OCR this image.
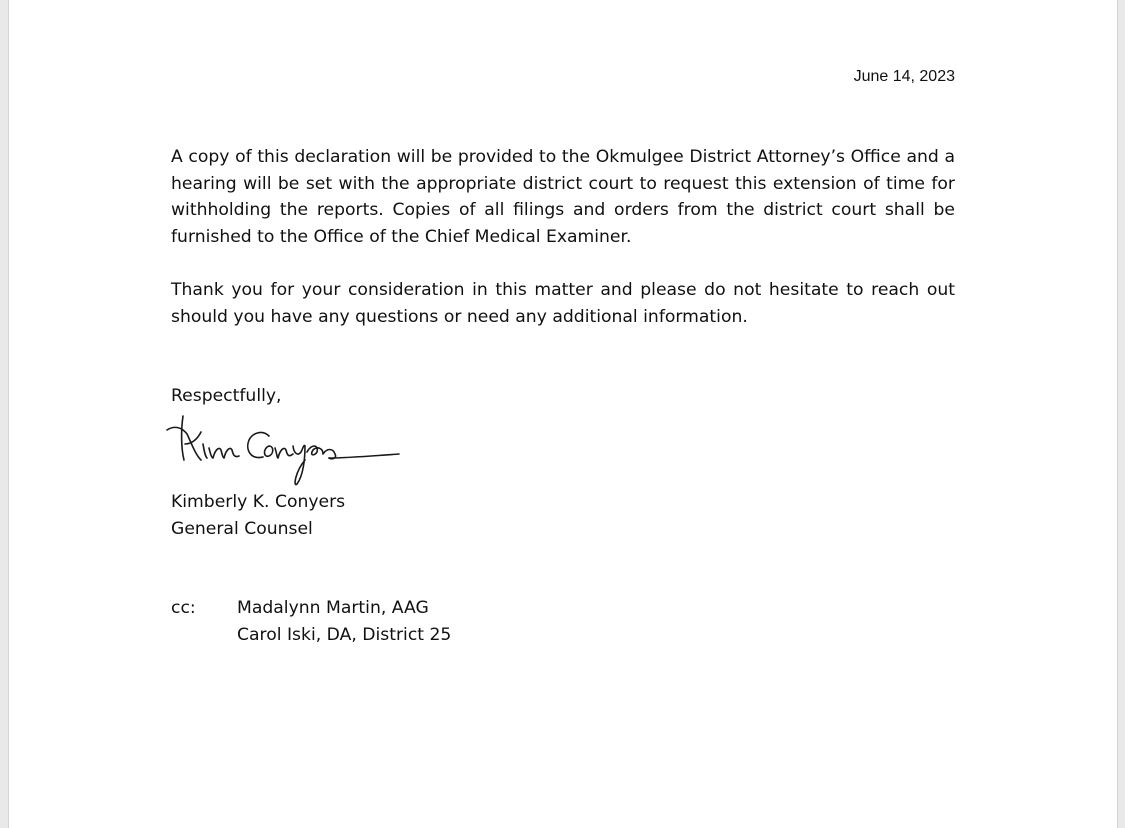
June 14, 2023

A copy of this declaration will be provided to the Okmulgee District Attorney’s Office and a hearing will be set with the appropriate district court to request this extension of time for withholding the reports. Copies of all filings and orders from the district court shall be furnished to the Office of the Chief Medical Examiner.

Thank you for your consideration in this matter and please do not hesitate to reach out should you have any questions or need any additional information.

Respectfully,
Kimberly K. Conyers
General Counsel
cc: Madalynn Martin, AAG
Carol Iski, DA, District 25
